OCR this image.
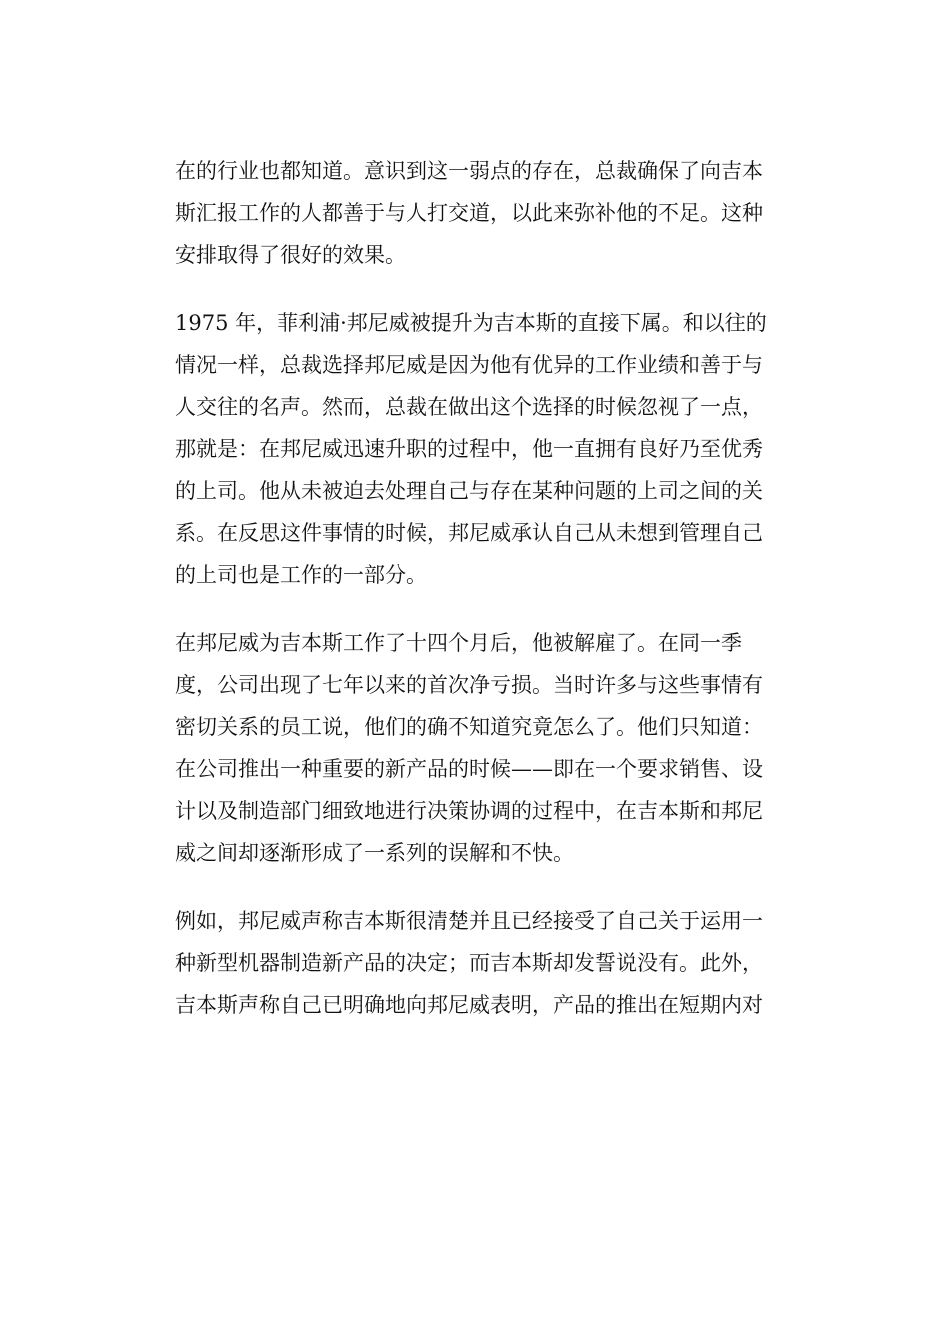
在的行业也都知道。意识到这一弱点的存在，总裁确保了向吉本
斯汇报工作的人都善于与人打交道，以此来弥补他的不足。这种
安排取得了很好的效果。

1975 年，菲利浦·邦尼威被提升为吉本斯的直接下属。和以往的
情况一样，总裁选择邦尼威是因为他有优异的工作业绩和善于与
人交往的名声。然而，总裁在做出这个选择的时候忽视了一点，
那就是：在邦尼威迅速升职的过程中，他一直拥有良好乃至优秀
的上司。他从未被迫去处理自己与存在某种问题的上司之间的关
系。在反思这件事情的时候，邦尼威承认自己从未想到管理自己
的上司也是工作的一部分。

在邦尼威为吉本斯工作了十四个月后，他被解雇了。在同一季
度，公司出现了七年以来的首次净亏损。当时许多与这些事情有
密切关系的员工说，他们的确不知道究竟怎么了。他们只知道：
在公司推出一种重要的新产品的时候——即在一个要求销售、设
计以及制造部门细致地进行决策协调的过程中，在吉本斯和邦尼
威之间却逐渐形成了一系列的误解和不快。

例如，邦尼威声称吉本斯很清楚并且已经接受了自己关于运用一
种新型机器制造新产品的决定；而吉本斯却发誓说没有。此外，
吉本斯声称自己已明确地向邦尼威表明，产品的推出在短期内对
